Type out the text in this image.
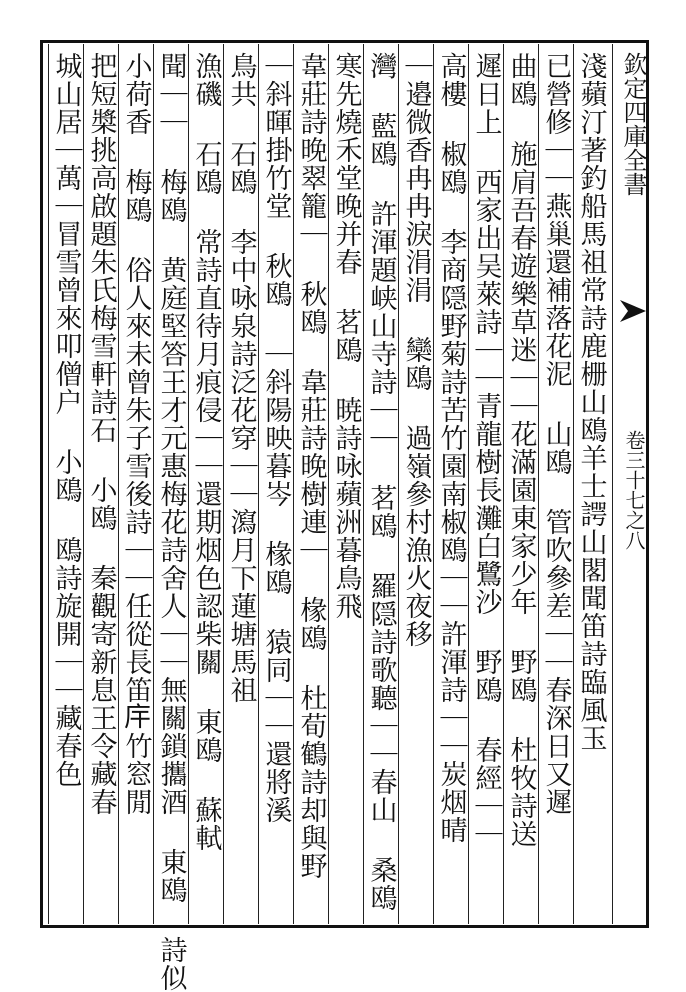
欽定四庫全書
卷三十七之八
淺蘋汀著釣船馬祖常詩鹿栅山鴎羊士諤山閣聞笛詩臨風玉
已營修｜｜燕巢還補落花泥 山鴎 管吹參差｜｜春深日又遲
曲鴎 施肩吾春遊樂草迷｜｜花滿園東家少年 野鴎 杜牧詩送
遲日上 西家出吴萊詩｜｜青龍樹長灘白鷺沙 野鴎 春經｜｜
高樓 椒鴎 李商隠野菊詩苦竹園南椒鴎｜｜許渾詩｜｜炭烟晴
｜邉微香冉冉淚涓涓 欒鴎 過嶺參村漁火夜移
灣 藍鴎 許渾題峡山寺詩｜｜ 茗鴎 羅隠詩歌聽｜｜春山 桑鴎
寒先燒禾堂晚并春 茗鴎 暁詩咏蘋洲暮鳥飛
韋莊詩晚翠籠｜ 秋鴎 韋莊詩晚樹連｜ 椽鴎 杜荀鶴詩却與野
｜斜暉掛竹堂 秋鴎 ｜斜陽映暮岑 椽鴎 猿同｜｜還將溪
鳥共 石鴎 李中咏泉詩泛花穿｜｜瀉月下蓮塘馬祖
漁磯 石鴎 常詩直待月痕侵｜｜還期烟色認柴關 東鴎 蘇軾
聞｜｜ 梅鴎 黄庭堅答王才元惠梅花詩舍人｜｜無關鎖攜酒 東鴎 詩似
小荷香 梅鴎 俗人來未曾朱子雪後詩｜｜任從長笛𢇛竹窓閒
把短槳挑高啟題朱氏梅雪軒詩石 小鴎 秦觀寄新息王令藏春
城山居｜萬｜冒雪曾來叩僧户 小鴎 鴎詩旋開｜｜藏春色
